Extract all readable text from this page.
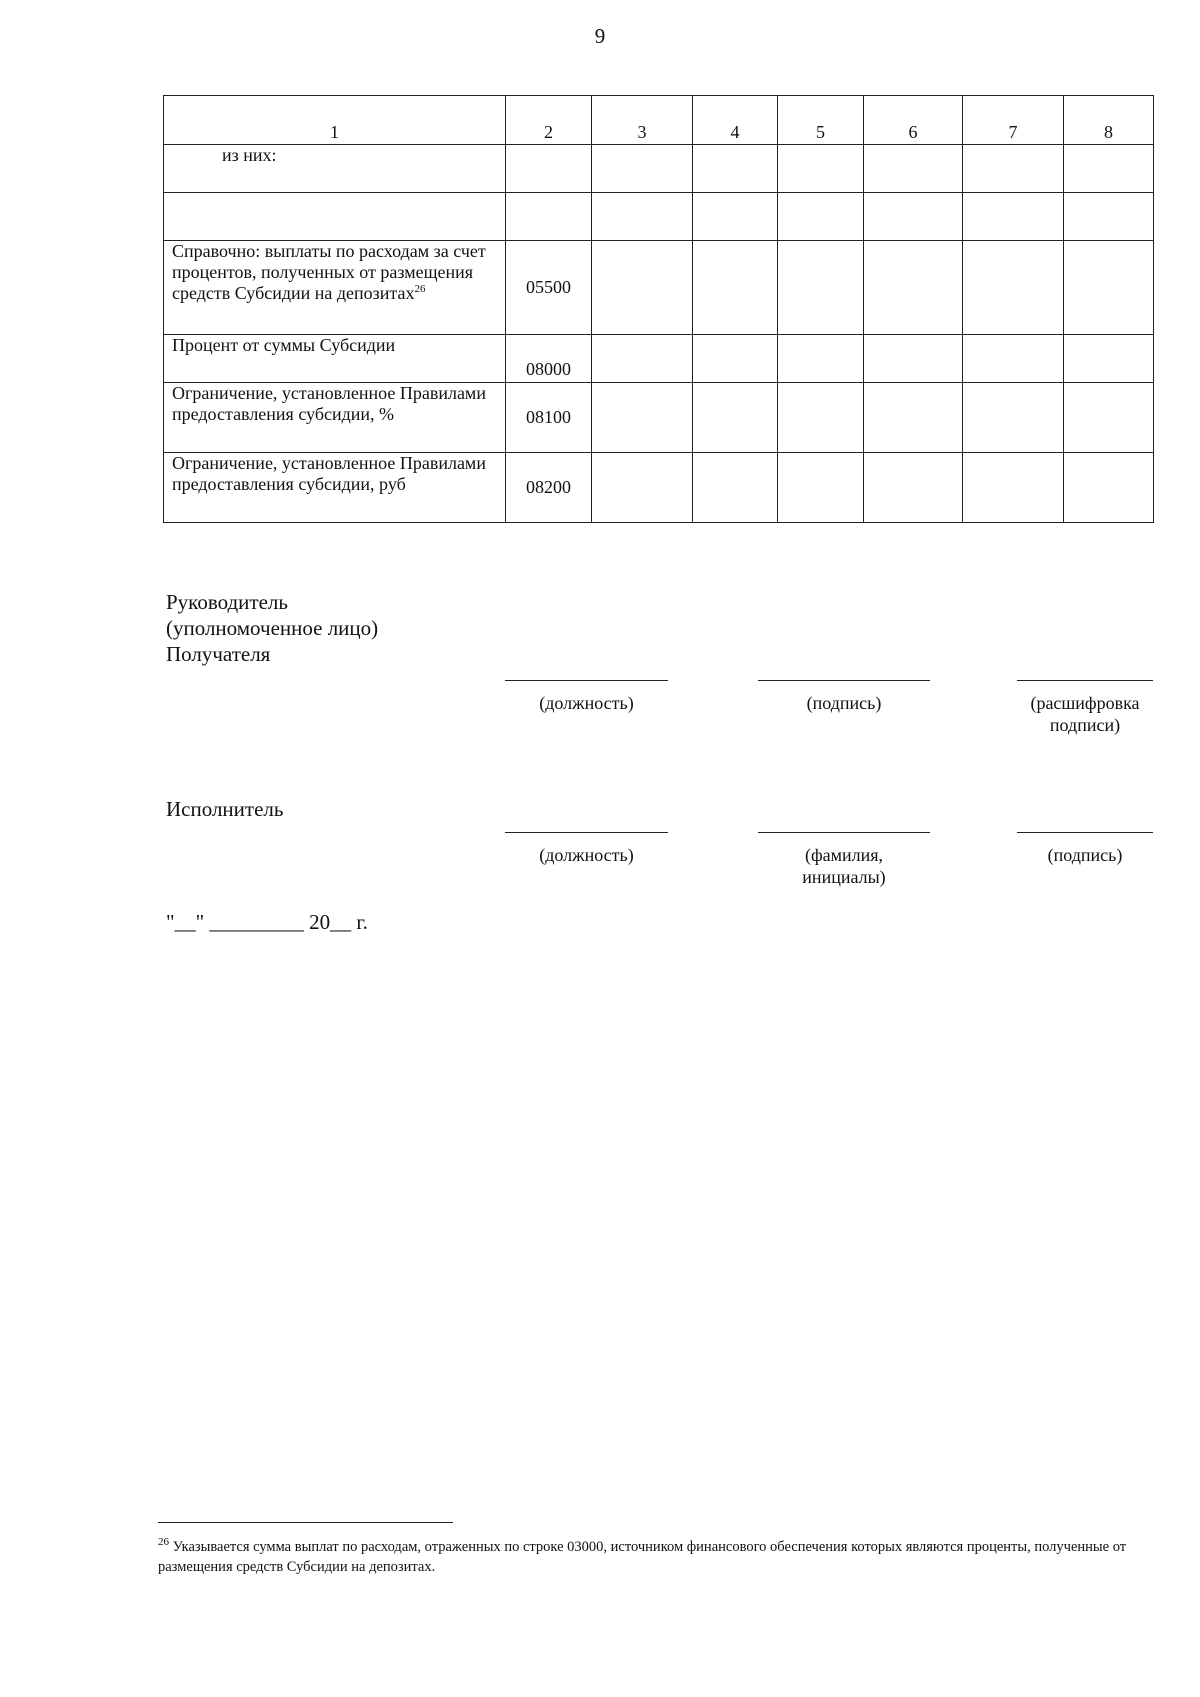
9
1	2	3	4	5	6	7	8
из них:							

Справочно: выплаты по расходам за счет процентов, полученных от размещения средств Субсидии на депозитах$^{26}$	05500						
Процент от суммы Субсидии	08000						
Ограничение, установленное Правилами предоставления субсидии, %	08100						
Ограничение, установленное Правилами предоставления субсидии, руб	08200						
Руководитель
(уполномоченное лицо)
Получателя
(должность)	(подпись)	(расшифровка
подписи)
Исполнитель
(должность)	(фамилия,
инициалы)
(подпись)
"__" _________ 20__ г.
$^{26}$ Указывается сумма выплат по расходам, отраженных по строке 03000, источником финансового обеспечения которых являются проценты, полученные от размещения средств Субсидии на депозитах.
